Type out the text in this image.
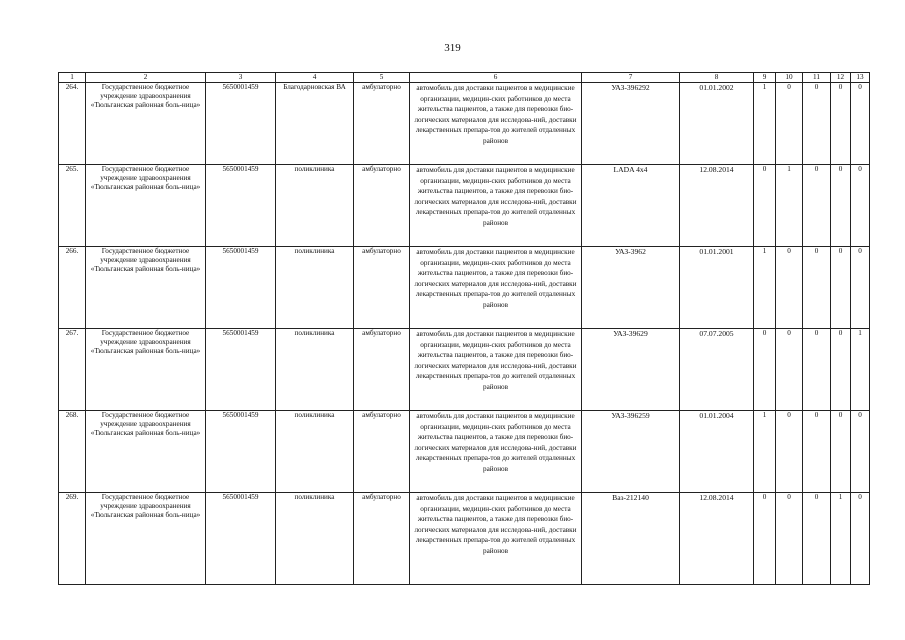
319
1	2	3	4	5	6	7	8	9	10	11	12	13
264.	Государственное бюджетное учреждение здравоохранения «Тюльганская районная боль-ница»	5650001459	Благодарновская ВА	амбулаторно	автомобиль для доставки пациентов в медицинские организации, медицин-ских работников до места жительства пациентов, а также для перевозки био-логических материалов для исследова-ний, доставки лекарственных препара-тов до жителей отдаленных районов	УАЗ-396292	01.01.2002	1	0	0	0	0
265.	Государственное бюджетное учреждение здравоохранения «Тюльганская районная боль-ница»	5650001459	поликлиника	амбулаторно	автомобиль для доставки пациентов в медицинские организации, медицин-ских работников до места жительства пациентов, а также для перевозки био-логических материалов для исследова-ний, доставки лекарственных препара-тов до жителей отдаленных районов	LADA 4x4	12.08.2014	0	1	0	0	0
266.	Государственное бюджетное учреждение здравоохранения «Тюльганская районная боль-ница»	5650001459	поликлиника	амбулаторно	автомобиль для доставки пациентов в медицинские организации, медицин-ских работников до места жительства пациентов, а также для перевозки био-логических материалов для исследова-ний, доставки лекарственных препара-тов до жителей отдаленных районов	УАЗ-3962	01.01.2001	1	0	0	0	0
267.	Государственное бюджетное учреждение здравоохранения «Тюльганская районная боль-ница»	5650001459	поликлиника	амбулаторно	автомобиль для доставки пациентов в медицинские организации, медицин-ских работников до места жительства пациентов, а также для перевозки био-логических материалов для исследова-ний, доставки лекарственных препара-тов до жителей отдаленных районов	УАЗ-39629	07.07.2005	0	0	0	0	1
268.	Государственное бюджетное учреждение здравоохранения «Тюльганская районная боль-ница»	5650001459	поликлиника	амбулаторно	автомобиль для доставки пациентов в медицинские организации, медицин-ских работников до места жительства пациентов, а также для перевозки био-логических материалов для исследова-ний, доставки лекарственных препара-тов до жителей отдаленных районов	УАЗ-396259	01.01.2004	1	0	0	0	0
269.	Государственное бюджетное учреждение здравоохранения «Тюльганская районная боль-ница»	5650001459	поликлиника	амбулаторно	автомобиль для доставки пациентов в медицинские организации, медицин-ских работников до места жительства пациентов, а также для перевозки био-логических материалов для исследова-ний, доставки лекарственных препара-тов до жителей отдаленных районов	Ваз-212140	12.08.2014	0	0	0	1	0
